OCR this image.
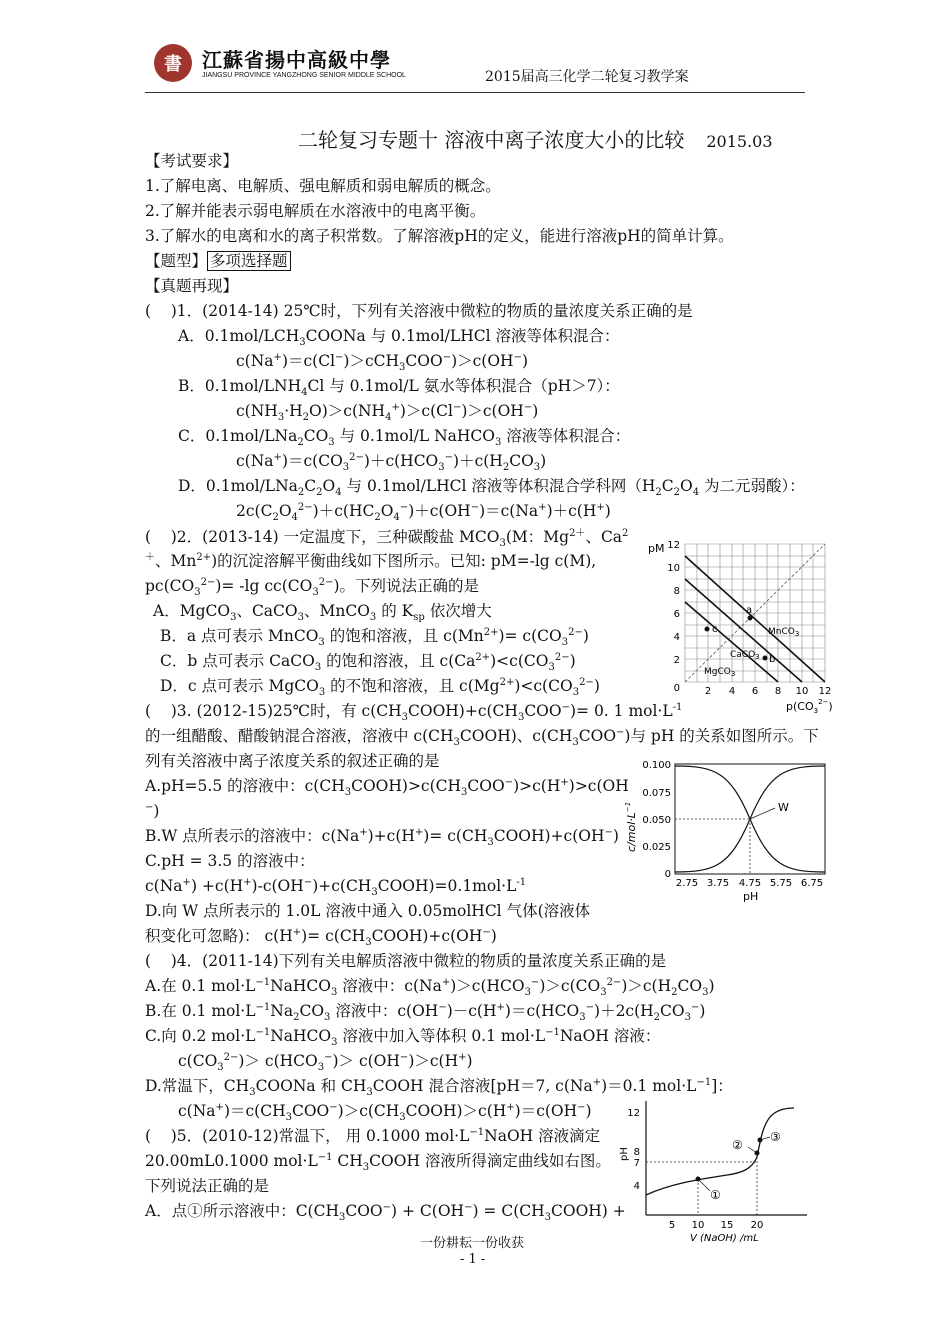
書 江蘇省揚中高級中學
JIANGSU PROVINCE YANGZHONG SENIOR MIDDLE SCHOOL	2015届高三化学二轮复习教学案
二轮复习专题十 溶液中离子浓度大小的比较 2015.03
【考试要求】
1.了解电离、电解质、强电解质和弱电解质的概念。
2.了解并能表示弱电解质在水溶液中的电离平衡。
3.了解水的电离和水的离子积常数。了解溶液pH的定义，能进行溶液pH的简单计算。
【题型】 多项选择题
【真题再现】
(    )1．(2014-14) 25℃时，下列有关溶液中微粒的物质的量浓度关系正确的是
A．$0.1mol/LCH_3COONa$ 与 0.1mol/LHCl 溶液等体积混合：
c(Na+)＝c(Cl−)＞cCH$_3$COO−)＞c(OH−)
B．$0.1mol/LNH_4Cl$ 与 0.1mol/L 氨水等体积混合（pH＞7）：
$c(NH_3\cdot H_2O)>c(NH_4^+)>c(Cl^-)>c(OH^-)$
C．$0.1mol/LNa_2CO_3$ 与 0.1mol/L NaHCO$_3$ 溶液等体积混合：
$c(Na^+)=c(CO_3^{2-})+c(HCO_3^-)+c(H_2CO_3)$
D．$0.1mol/LNa_2C_2O_4$ 与 0.1mol/LHCl 溶液等体积混合学科网（$H_2C_2O_4$ 为二元弱酸）：
$2c(C_2O_4^{2-})+c(HC_2O_4^-)+c(OH^-)=c(Na^+)+c(H^+)$
(    )2．(2013-14) 一定温度下，三种碳酸盐 $MCO_3(M$：$Mg^{2+}$、Ca$^2$
＋、$Mn^{2+}$)的沉淀溶解平衡曲线如下图所示。已知: pM=-lg c(M),
$pc(CO_3^{2-})= -\lg$ $cc(CO_3^{2-})$。下列说法正确的是
A．MgCO$_3$、CaCO$_3$、MnCO$_3$ 的 $K_{sp}$ 依次增大
B．a 点可表示 MnCO$_3$ 的饱和溶液，且 $c(Mn^{2+})= c(CO_3^{2-})$
C．b 点可表示 CaCO$_3$ 的饱和溶液，且 $c(Ca^{2+})<c(CO_3^{2-})$
D．c 点可表示 MgCO$_3$ 的不饱和溶液，且 $c(Mg^{2+})<c(CO_3^{2-})$
a
b
c	MnCO$_3$
CaCO$_3$
MgCO$_3$
pM 12
10
8
6
4
2
0 2 4 6 8 10 12
$p(CO_3^{2-})$
(    )3. (2012-15)25℃时，有 $c(CH_3COOH)+c(CH_3COO^-)= 0$. 1 $mol\cdot L^{-1}$
的一组醋酸、醋酸钠混合溶液，溶液中 $c(CH_3COOH)$、$c(CH_3COO^-)$与 pH 的关系如图所示。下
列有关溶液中离子浓度关系的叙述正确的是
A.pH=5.5 的溶液中：$c(CH_3COOH)>c(CH_3COO^-)>c(H^+)>c(OH$
−)
B.W 点所表示的溶液中：$c(Na^+)+c(H^+)= c(CH_3COOH)+c(OH^-)$
C.pH = 3.5 的溶液中：
$c(Na^+) +c(H^+)-c(OH^-)+c(CH_3COOH)=0.1mol\cdot L^{-1}$
D.向 W 点所表示的 1.0L 溶液中通入 0.05molHCl 气体(溶液体
积变化可忽略)： $c(H^+)= c(CH_3COOH)+c(OH^-)$
W
0.100
0.075
0.050
0.025
0
2.75 3.75 4.75 5.75 6.75
$c/mol\cdot L^{-1}$
pH
(    )4．(2011-14)下列有关电解质溶液中微粒的物质的量浓度关系正确的是
A.在 0.1 $mol\cdot L^{-1}NaHCO_3$ 溶液中：$c(Na^+)>c(HCO_3^-)>c(CO_3^{2-})>c(H_2CO_3)$
B.在 0.1 $mol\cdot L^{-1}Na_2CO_3$ 溶液中：$c(OH^-)-c(H^+)=c(HCO_3^-)+2c(H_2CO_3^-)$
C.向 0.2 $mol\cdot L^{-1}NaHCO_3$ 溶液中加入等体积 0.1 $mol\cdot L^{-1}NaOH$ 溶液：
$c(CO_3^{2-})> c(HCO_3^-)> c(OH^-)>c(H^+)$
D.常温下，$CH_3COONa$ 和 $CH_3COOH$ 混合溶液[pH＝7, c(Na+)＝0.1 $mol\cdot L^{-1}$]：
$c(Na^+)=c(CH_3COO^-)>c(CH_3COOH)>c(H^+)=c(OH^-)$
(    )5．(2010-12)常温下， 用 0.1000 $mol\cdot L^{-1}NaOH$ 溶液滴定
20.00mL0.1000 $mol\cdot L^{-1}$ $CH_3COOH$ 溶液所得滴定曲线如右图。
下列说法正确的是
A．点①所示溶液中：$C(CH_3COO^-) + C(OH^-)$ = $C(CH_3COOH)$ +
①
②
③
12
8
7
4
5 10 15 20
pH
V (NaOH) /mL
一份耕耘一份收获
- 1 -
